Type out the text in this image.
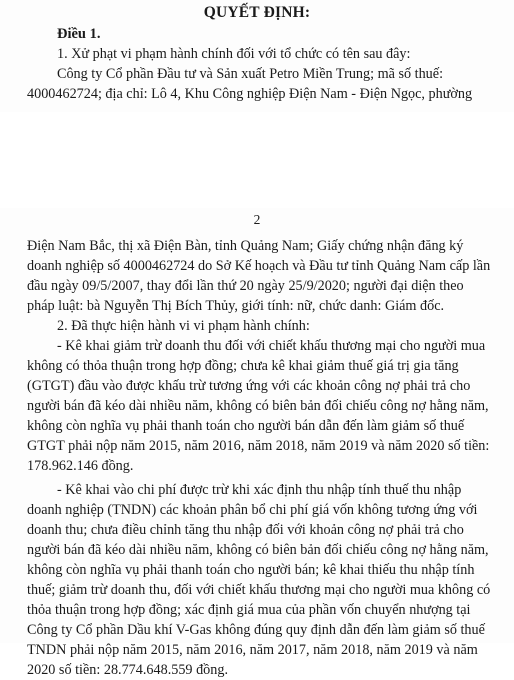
QUYẾT ĐỊNH:
Điều 1.
1. Xử phạt vi phạm hành chính đối với tổ chức có tên sau đây:
Công ty Cổ phần Đầu tư và Sản xuất Petro Miền Trung; mã số thuế:
4000462724; địa chỉ: Lô 4, Khu Công nghiệp Điện Nam - Điện Ngọc, phường
2
Điện Nam Bắc, thị xã Điện Bàn, tỉnh Quảng Nam; Giấy chứng nhận đăng ký
doanh nghiệp số 4000462724 do Sở Kế hoạch và Đầu tư tỉnh Quảng Nam cấp lần
đầu ngày 09/5/2007, thay đổi lần thứ 20 ngày 25/9/2020; người đại diện theo
pháp luật: bà Nguyễn Thị Bích Thủy, giới tính: nữ, chức danh: Giám đốc.
2. Đã thực hiện hành vi vi phạm hành chính:
- Kê khai giảm trừ doanh thu đối với chiết khấu thương mại cho người mua
không có thỏa thuận trong hợp đồng; chưa kê khai giảm thuế giá trị gia tăng
(GTGT) đầu vào được khấu trừ tương ứng với các khoản công nợ phải trả cho
người bán đã kéo dài nhiều năm, không có biên bản đối chiếu công nợ hằng năm,
không còn nghĩa vụ phải thanh toán cho người bán dẫn đến làm giảm số thuế
GTGT phải nộp năm 2015, năm 2016, năm 2018, năm 2019 và năm 2020 số tiền:
178.962.146 đồng.
- Kê khai vào chi phí được trừ khi xác định thu nhập tính thuế thu nhập
doanh nghiệp (TNDN) các khoản phân bổ chi phí giá vốn không tương ứng với
doanh thu; chưa điều chỉnh tăng thu nhập đối với khoản công nợ phải trả cho
người bán đã kéo dài nhiều năm, không có biên bản đối chiếu công nợ hằng năm,
không còn nghĩa vụ phải thanh toán cho người bán; kê khai thiếu thu nhập tính
thuế; giảm trừ doanh thu, đối với chiết khấu thương mại cho người mua không có
thỏa thuận trong hợp đồng; xác định giá mua của phần vốn chuyển nhượng tại
Công ty Cổ phần Dầu khí V-Gas không đúng quy định dẫn đến làm giảm số thuế
TNDN phải nộp năm 2015, năm 2016, năm 2017, năm 2018, năm 2019 và năm
2020 số tiền: 28.774.648.559 đồng.
